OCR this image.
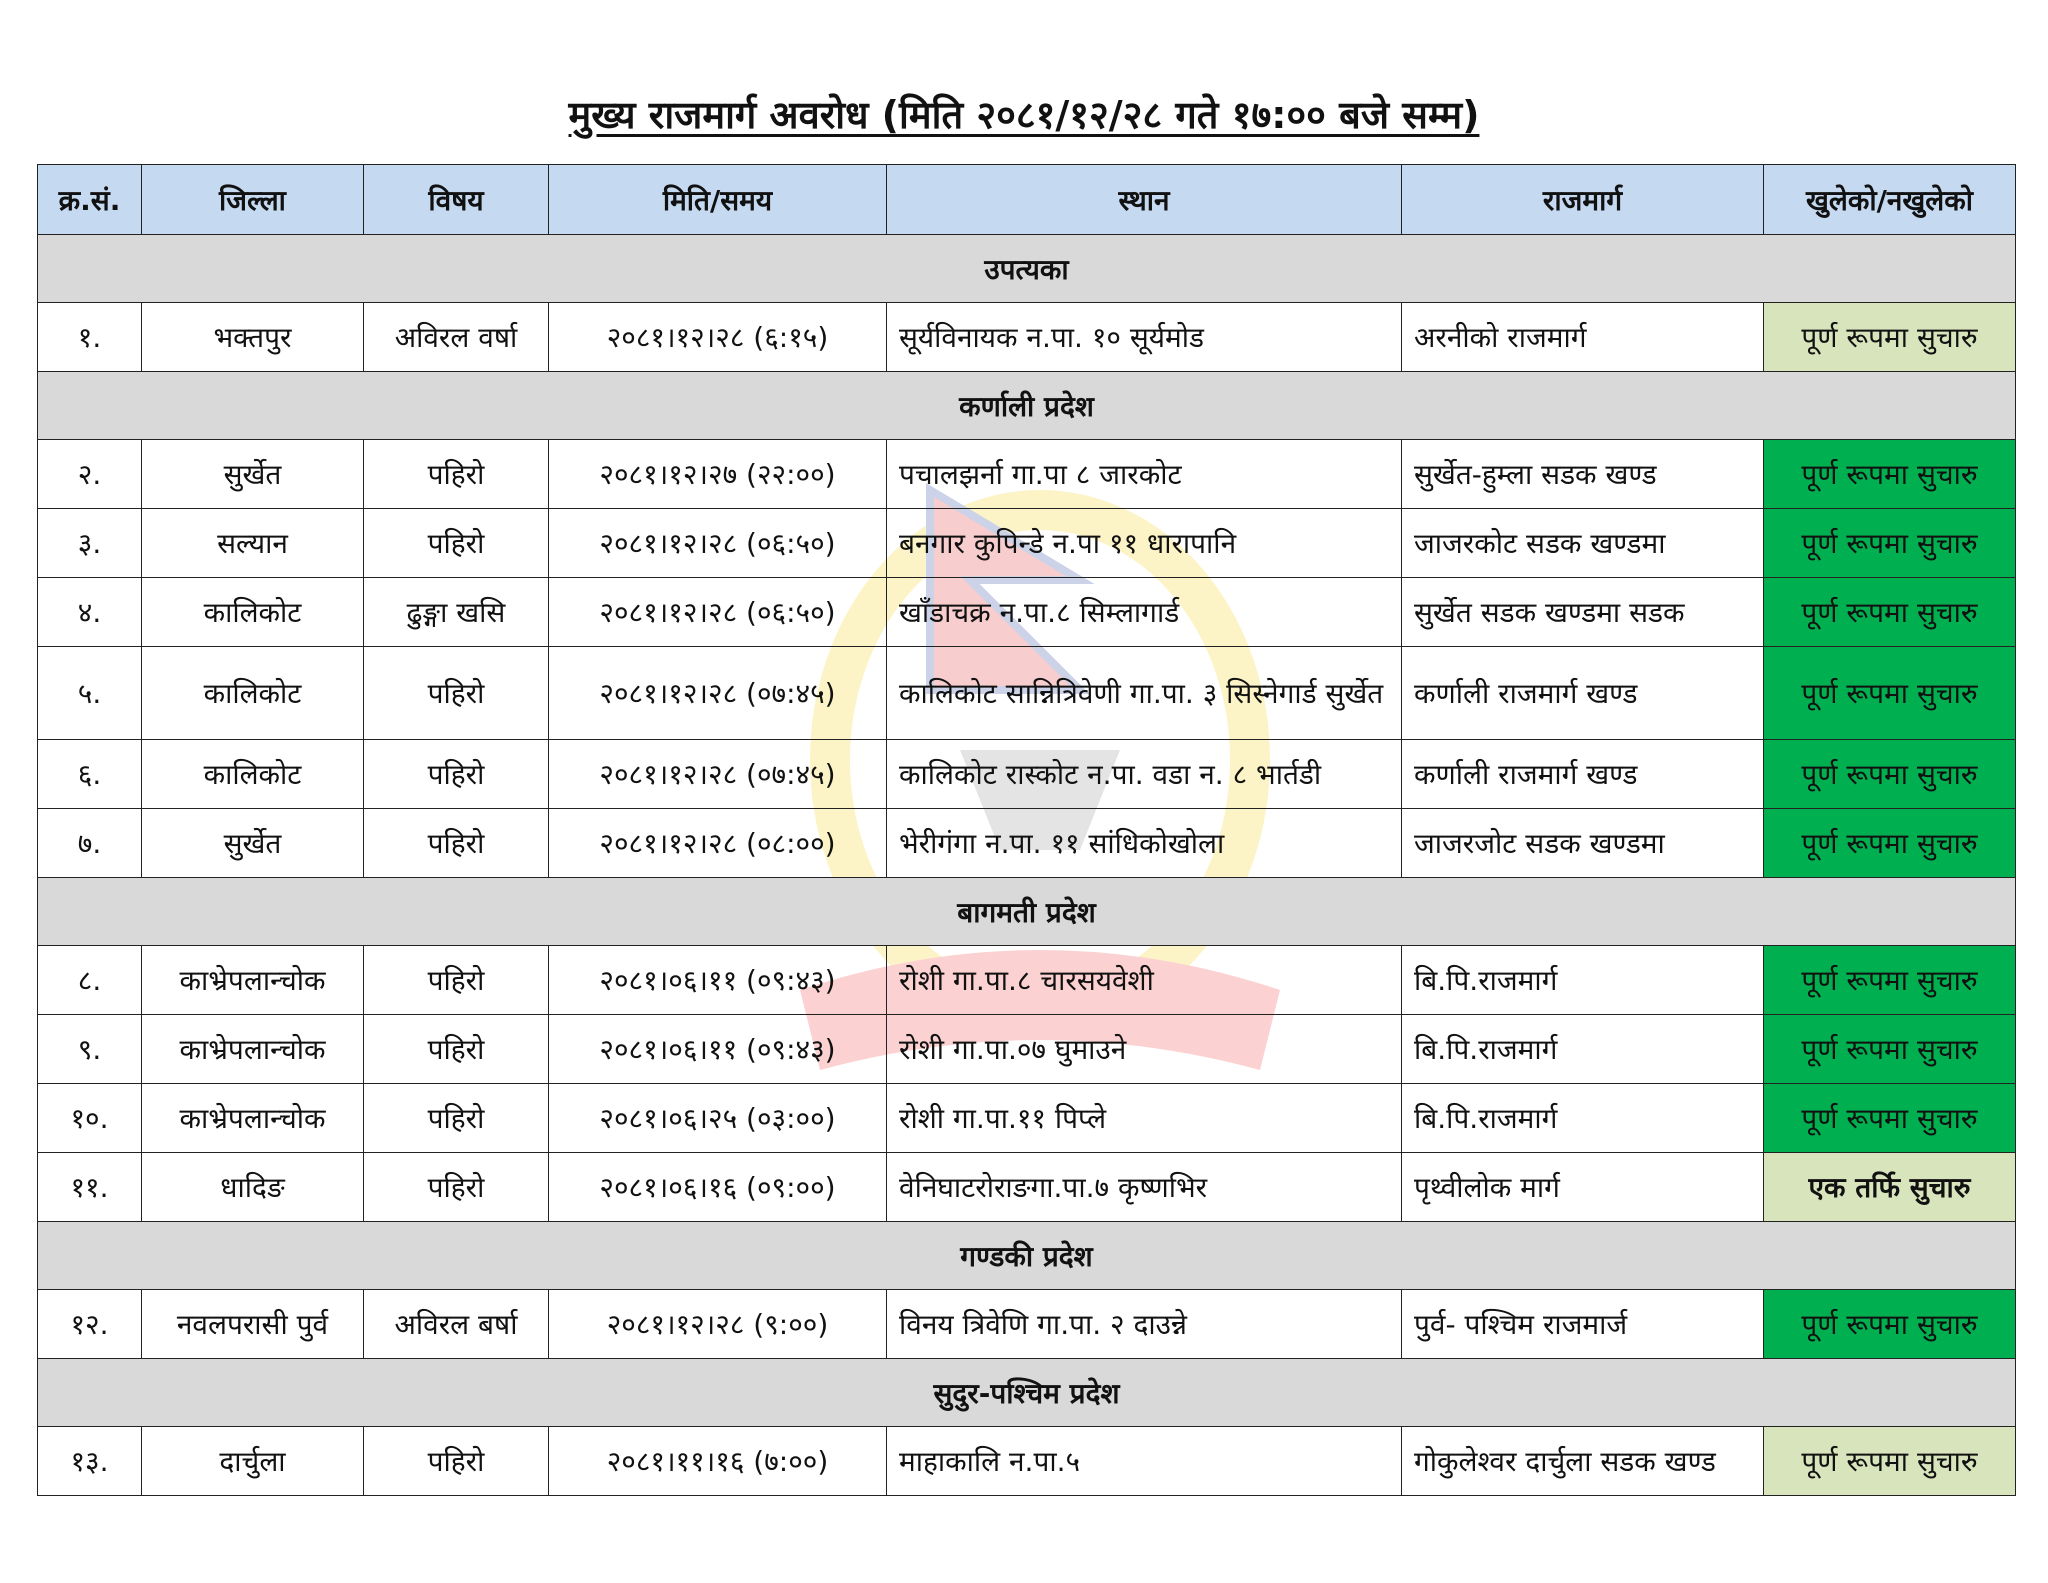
मुख्य राजमार्ग अवरोध (मिति २०८१/१२/२८ गते १७:०० बजे सम्म)
क्र.सं.	जिल्ला	विषय	मिति/समय	स्थान	राजमार्ग	खुलेको/नखुलेको
उपत्यका						
१.	भक्तपुर	अविरल वर्षा	२०८१।१२।२८ (६:१५)	सूर्यविनायक न.पा. १० सूर्यमोड	अरनीको राजमार्ग	पूर्ण रूपमा सुचारु
कर्णाली प्रदेश						
२.	सुर्खेत	पहिरो	२०८१।१२।२७ (२२:००)	पचालझर्ना गा.पा ८ जारकोट	सुर्खेत-हुम्ला सडक खण्ड	पूर्ण रूपमा सुचारु
३.	सल्यान	पहिरो	२०८१।१२।२८ (०६:५०)	बनगार कुपिन्डे न.पा ११ धारापानि	जाजरकोट सडक खण्डमा	पूर्ण रूपमा सुचारु
४.	कालिकोट	ढुङ्गा खसि	२०८१।१२।२८ (०६:५०)	खाँडाचक्र न.पा.८ सिम्लागार्ड	सुर्खेत सडक खण्डमा सडक	पूर्ण रूपमा सुचारु
५.	कालिकोट	पहिरो	२०८१।१२।२८ (०७:४५)	कालिकोट सान्नित्रिवेणी गा.पा. ३ सिस्नेगार्ड सुर्खेत	कर्णाली राजमार्ग खण्ड	पूर्ण रूपमा सुचारु
६.	कालिकोट	पहिरो	२०८१।१२।२८ (०७:४५)	कालिकोट रास्कोट न.पा. वडा न. ८ भार्तडी	कर्णाली राजमार्ग खण्ड	पूर्ण रूपमा सुचारु
७.	सुर्खेत	पहिरो	२०८१।१२।२८ (०८:००)	भेरीगंगा न.पा. ११ सांधिकोखोला	जाजरजोट सडक खण्डमा	पूर्ण रूपमा सुचारु
बागमती प्रदेश						
८.	काभ्रेपलान्चोक	पहिरो	२०८१।०६।११ (०९:४३)	रोशी गा.पा.८ चारसयवेशी	बि.पि.राजमार्ग	पूर्ण रूपमा सुचारु
९.	काभ्रेपलान्चोक	पहिरो	२०८१।०६।११ (०९:४३)	रोशी गा.पा.०७ घुमाउने	बि.पि.राजमार्ग	पूर्ण रूपमा सुचारु
१०.	काभ्रेपलान्चोक	पहिरो	२०८१।०६।२५ (०३:००)	रोशी गा.पा.११ पिप्ले	बि.पि.राजमार्ग	पूर्ण रूपमा सुचारु
११.	धादिङ	पहिरो	२०८१।०६।१६ (०९:००)	वेनिघाटरोराङगा.पा.७ कृष्णभिर	पृथ्वीलोक मार्ग	एक तर्फि सुचारु
गण्डकी प्रदेश						
१२.	नवलपरासी पुर्व	अविरल बर्षा	२०८१।१२।२८ (९:००)	विनय त्रिवेणि गा.पा. २ दाउन्ने	पुर्व- पश्चिम राजमार्ज	पूर्ण रूपमा सुचारु
सुदुर-पश्चिम प्रदेश						
१३.	दार्चुला	पहिरो	२०८१।११।१६ (७:००)	माहाकालि न.पा.५	गोकुलेश्वर दार्चुला सडक खण्ड	पूर्ण रूपमा सुचारु
